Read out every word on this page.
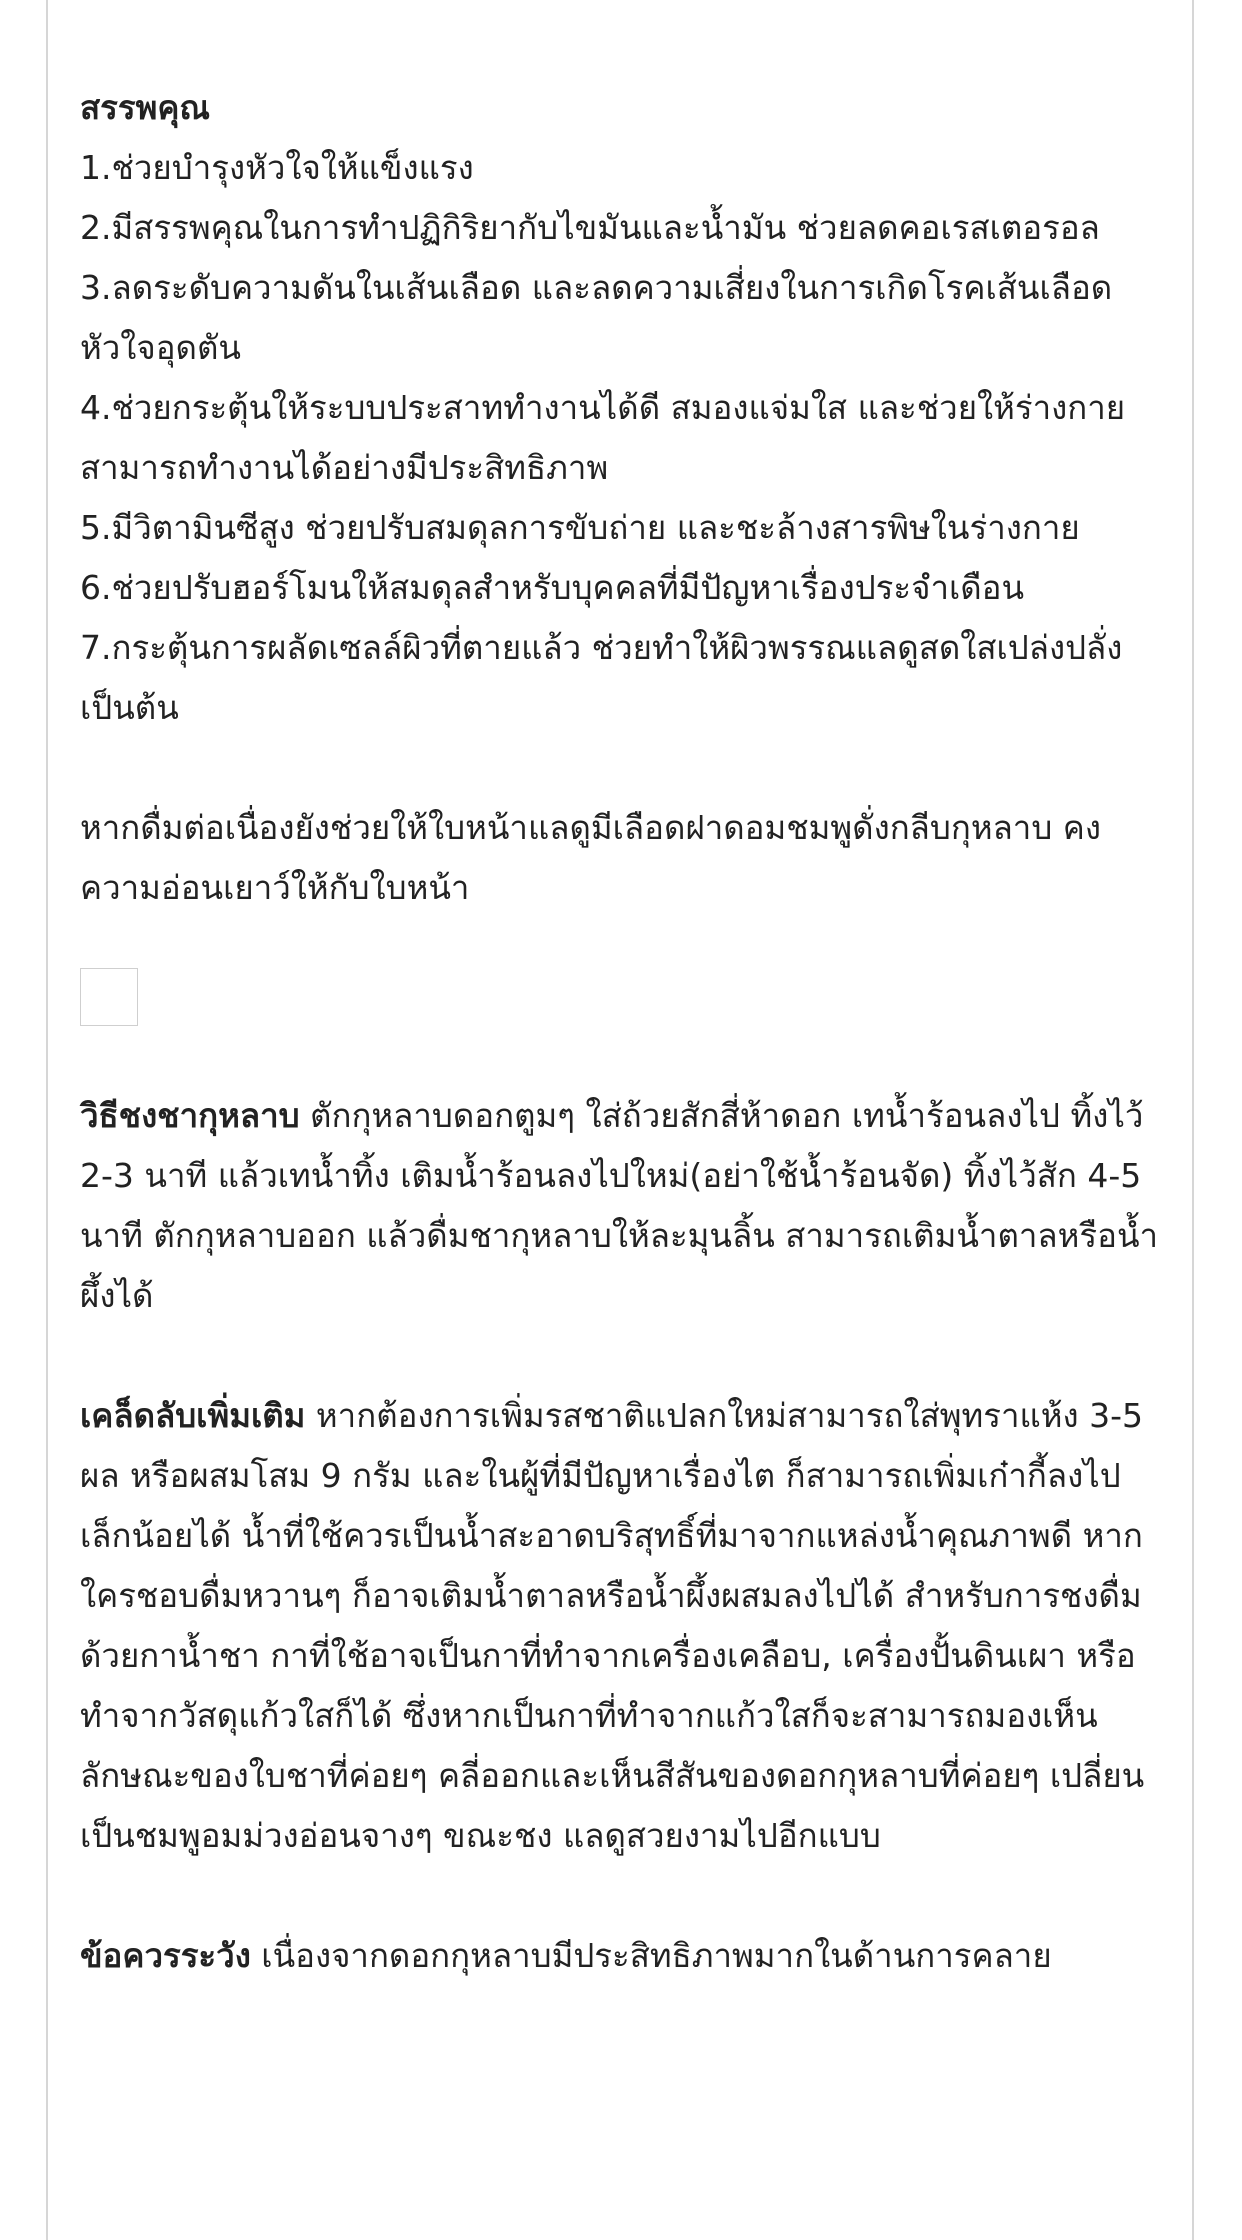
สรรพคุณ

1.ช่วยบำรุงหัวใจให้แข็งแรง

2.มีสรรพคุณในการทำปฏิกิริยากับไขมันและน้ำมัน ช่วยลดคอเรสเตอรอล

3.ลดระดับความดันในเส้นเลือด และลดความเสี่ยงในการเกิดโรคเส้นเลือดหัวใจอุดตัน

4.ช่วยกระตุ้นให้ระบบประสาททำงานได้ดี สมองแจ่มใส และช่วยให้ร่างกายสามารถทำงานได้อย่างมีประสิทธิภาพ

5.มีวิตามินซีสูง ช่วยปรับสมดุลการขับถ่าย และชะล้างสารพิษในร่างกาย

6.ช่วยปรับฮอร์โมนให้สมดุลสำหรับบุคคลที่มีปัญหาเรื่องประจำเดือน

7.กระตุ้นการผลัดเซลล์ผิวที่ตายแล้ว ช่วยทำให้ผิวพรรณแลดูสดใสเปล่งปลั่ง

เป็นต้น

หากดื่มต่อเนื่องยังช่วยให้ใบหน้าแลดูมีเลือดฝาดอมชมพูดั่งกลีบกุหลาบ คงความอ่อนเยาว์ให้กับใบหน้า

วิธีชงชากุหลาบ ตักกุหลาบดอกตูมๆ ใส่ถ้วยสักสี่ห้าดอก เทน้ำร้อนลงไป ทิ้งไว้ 2-3 นาที แล้วเทน้ำทิ้ง เติมน้ำร้อนลงไปใหม่(อย่าใช้น้ำร้อนจัด) ทิ้งไว้สัก 4-5 นาที ตักกุหลาบออก แล้วดื่มชากุหลาบให้ละมุนลิ้น สามารถเติมน้ำตาลหรือน้ำผึ้งได้

เคล็ดลับเพิ่มเติม หากต้องการเพิ่มรสชาติแปลกใหม่สามารถใส่พุทราแห้ง 3-5 ผล หรือผสมโสม 9 กรัม และในผู้ที่มีปัญหาเรื่องไต ก็สามารถเพิ่มเก๋ากี้ลงไปเล็กน้อยได้ น้ำที่ใช้ควรเป็นน้ำสะอาดบริสุทธิ์ที่มาจากแหล่งน้ำคุณภาพดี หากใครชอบดื่มหวานๆ ก็อาจเติมน้ำตาลหรือน้ำผึ้งผสมลงไปได้ สำหรับการชงดื่มด้วยกาน้ำชา กาที่ใช้อาจเป็นกาที่ทำจากเครื่องเคลือบ, เครื่องปั้นดินเผา หรือทำจากวัสดุแก้วใสก็ได้ ซึ่งหากเป็นกาที่ทำจากแก้วใสก็จะสามารถมองเห็นลักษณะของใบชาที่ค่อยๆ คลี่ออกและเห็นสีสันของดอกกุหลาบที่ค่อยๆ เปลี่ยนเป็นชมพูอมม่วงอ่อนจางๆ ขณะชง แลดูสวยงามไปอีกแบบ

ข้อควรระวัง เนื่องจากดอกกุหลาบมีประสิทธิภาพมากในด้านการคลาย
